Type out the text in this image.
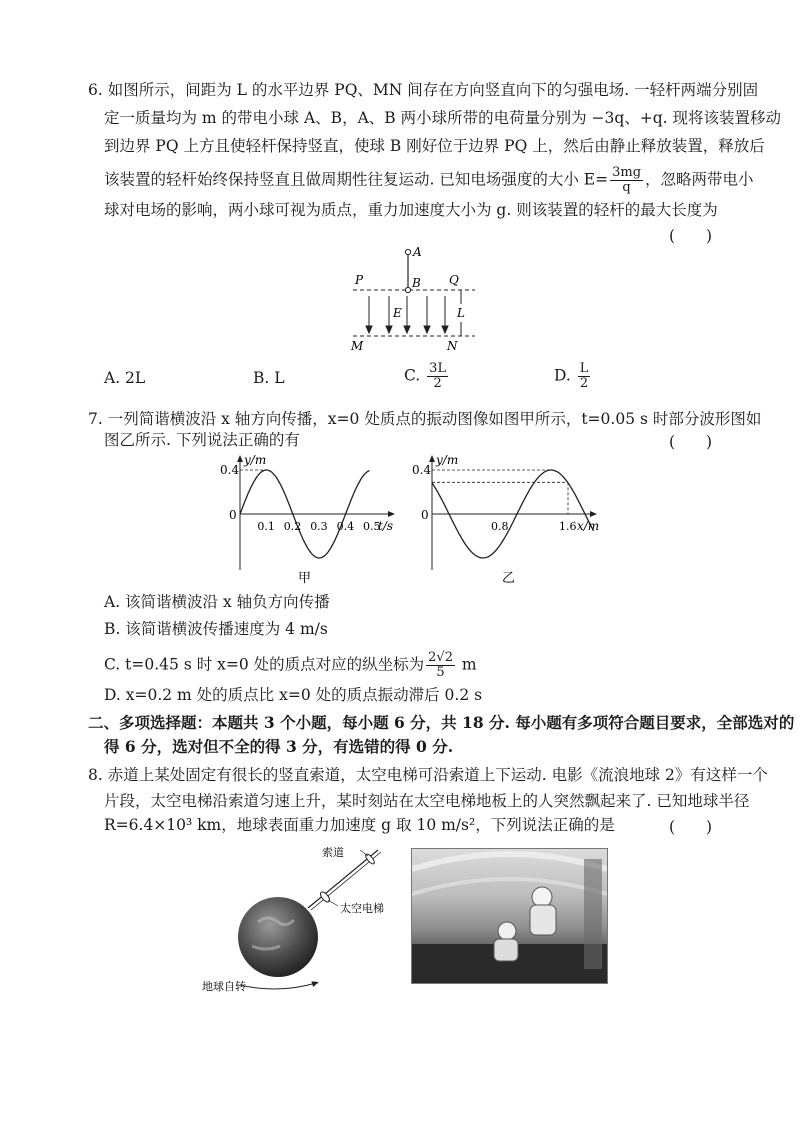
6. 如图所示，间距为 L 的水平边界 PQ、MN 间存在方向竖直向下的匀强电场. 一轻杆两端分别固
定一质量均为 m 的带电小球 A、B，A、B 两小球所带的电荷量分别为 −3q、+q. 现将该装置移动
到边界 PQ 上方且使轻杆保持竖直，使球 B 刚好位于边界 PQ 上，然后由静止释放装置，释放后
该装置的轻杆始终保持竖直且做周期性往复运动. 已知电场强度的大小 $E= \frac{3mg}{q}$ ，忽略两带电小
球对电场的影响，两小球可视为质点，重力加速度大小为 g. 则该装置的轻杆的最大长度为
(　　)
A
B
P	Q
M	N
E	L
A. 2L	B. L	C. $\frac{3L}{2}$	D. $\frac{L}{2}$
7. 一列简谐横波沿 x 轴方向传播，x=0 处质点的振动图像如图甲所示，t=0.05 s 时部分波形图如
图乙所示. 下列说法正确的有	(　　)
y/m
0.4
0
0.1 0.2 0.3 0.4 0.5
t/s
甲
y/m
0.4
0
0.8	1.6 x/m
乙
A. 该简谐横波沿 x 轴负方向传播
B. 该简谐横波传播速度为 4 m/s
C. t=0.45 s 时 x=0 处的质点对应的纵坐标为 $\frac{2√2}{5}$ m
D. x=0.2 m 处的质点比 x=0 处的质点振动滞后 0.2 s
二、多项选择题：本题共 3 个小题，每小题 6 分，共 18 分. 每小题有多项符合题目要求，全部选对的
得 6 分，选对但不全的得 3 分，有选错的得 0 分.
8. 赤道上某处固定有很长的竖直索道，太空电梯可沿索道上下运动. 电影《流浪地球 2》有这样一个
片段，太空电梯沿索道匀速上升，某时刻站在太空电梯地板上的人突然飘起来了. 已知地球半径
R=6.4×10³ km，地球表面重力加速度 g 取 10 m/s²，下列说法正确的是	(　　)
索道
太空电梯
地球自转
